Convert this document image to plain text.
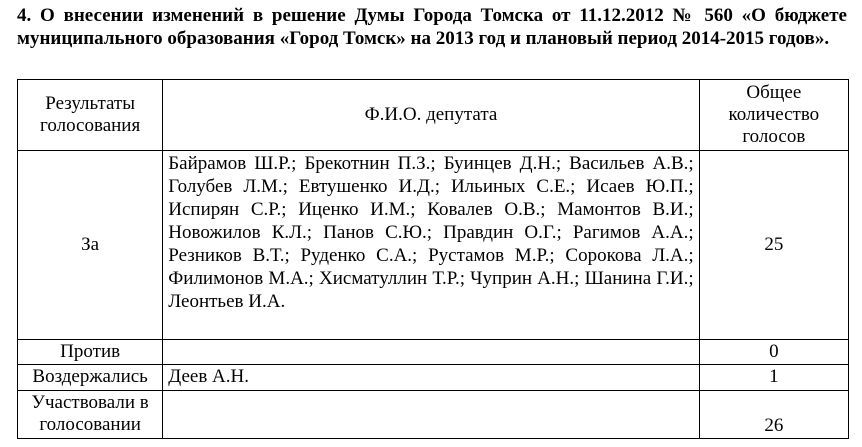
4. О внесении изменений в решение Думы Города Томска от 11.12.2012 № 560 «О бюджете муниципального образования «Город Томск» на 2013 год и плановый период 2014-2015 годов».

Результаты голосования	Ф.И.О. депутата	Общее количество голосов
За	Байрамов Ш.Р.; Брекотнин П.З.; Буинцев Д.Н.; Васильев А.В.; Голубев Л.М.; Евтушенко И.Д.; Ильиных С.Е.; Исаев Ю.П.; Испирян С.Р.; Иценко И.М.; Ковалев О.В.; Мамонтов В.И.; Новожилов К.Л.; Панов С.Ю.; Правдин О.Г.; Рагимов А.А.; Резников В.Т.; Руденко С.А.; Рустамов М.Р.; Сорокова Л.А.; Филимонов М.А.; Хисматуллин Т.Р.; Чуприн А.Н.; Шанина Г.И.; Леонтьев И.А.	25
Против		0
Воздержались	Деев А.Н.	1
Участвовали в голосовании		26
